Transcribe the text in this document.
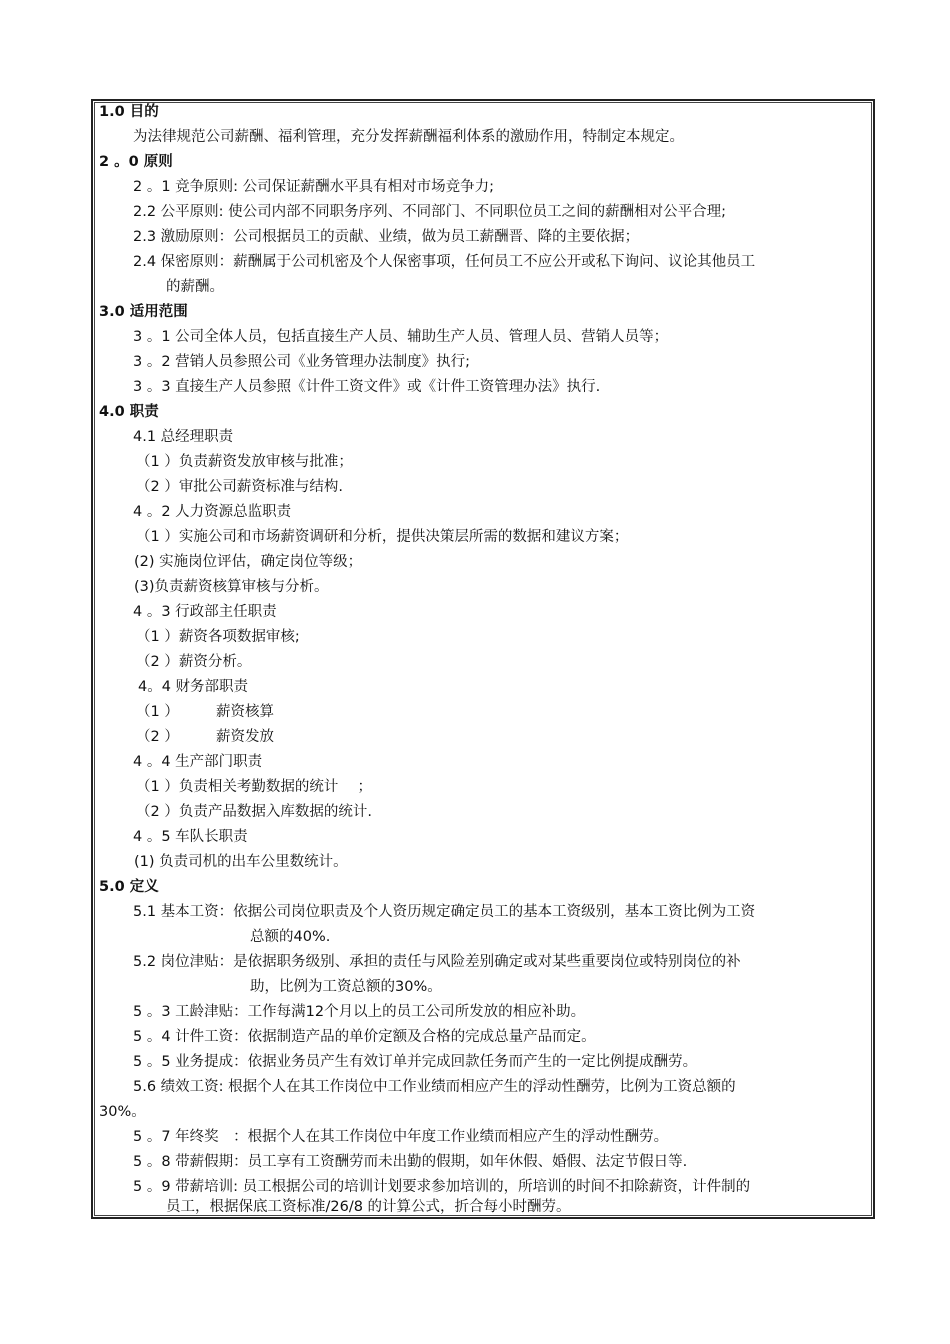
1.0 目的
为法律规范公司薪酬、福利管理，充分发挥薪酬福利体系的激励作用，特制定本规定。
2 。0 原则
2 。1 竞争原则: 公司保证薪酬水平具有相对市场竞争力;
2.2 公平原则: 使公司内部不同职务序列、不同部门、不同职位员工之间的薪酬相对公平合理;
2.3 激励原则：公司根据员工的贡献、业绩，做为员工薪酬晋、降的主要依据；
2.4 保密原则：薪酬属于公司机密及个人保密事项，任何员工不应公开或私下询问、议论其他员工
的薪酬。
3.0 适用范围
3 。1 公司全体人员，包括直接生产人员、辅助生产人员、管理人员、营销人员等；
3 。2 营销人员参照公司《业务管理办法制度》执行;
3 。3 直接生产人员参照《计件工资文件》或《计件工资管理办法》执行.
4.0 职责
4.1 总经理职责
（1 ）负责薪资发放审核与批准；
（2 ）审批公司薪资标准与结构.
4 。2 人力资源总监职责
（1 ）实施公司和市场薪资调研和分析，提供决策层所需的数据和建议方案；
(2) 实施岗位评估，确定岗位等级；
(3)负责薪资核算审核与分析。
4 。3 行政部主任职责
（1 ）薪资各项数据审核;
（2 ）薪资分析。
4。4 财务部职责
（1 ）	薪资核算
（2 ）	薪资发放
4 。4 生产部门职责
（1 ）负责相关考勤数据的统计　 ；
（2 ）负责产品数据入库数据的统计.
4 。5 车队长职责
(1) 负责司机的出车公里数统计。
5.0 定义
5.1 基本工资：依据公司岗位职责及个人资历规定确定员工的基本工资级别，基本工资比例为工资
总额的40%.
5.2 岗位津贴：是依据职务级别、承担的责任与风险差别确定或对某些重要岗位或特别岗位的补
助，比例为工资总额的30%。
5 。3 工龄津贴：工作每满12个月以上的员工公司所发放的相应补助。
5 。4 计件工资：依据制造产品的单价定额及合格的完成总量产品而定。
5 。5 业务提成：依据业务员产生有效订单并完成回款任务而产生的一定比例提成酬劳。
5.6 绩效工资: 根据个人在其工作岗位中工作业绩而相应产生的浮动性酬劳，比例为工资总额的
30%。
5 。7 年终奖　：根据个人在其工作岗位中年度工作业绩而相应产生的浮动性酬劳。
5 。8 带薪假期：员工享有工资酬劳而未出勤的假期，如年休假、婚假、法定节假日等.
5 。9 带薪培训: 员工根据公司的培训计划要求参加培训的，所培训的时间不扣除薪资，计件制的
员工，根据保底工资标准/26/8 的计算公式，折合每小时酬劳。
